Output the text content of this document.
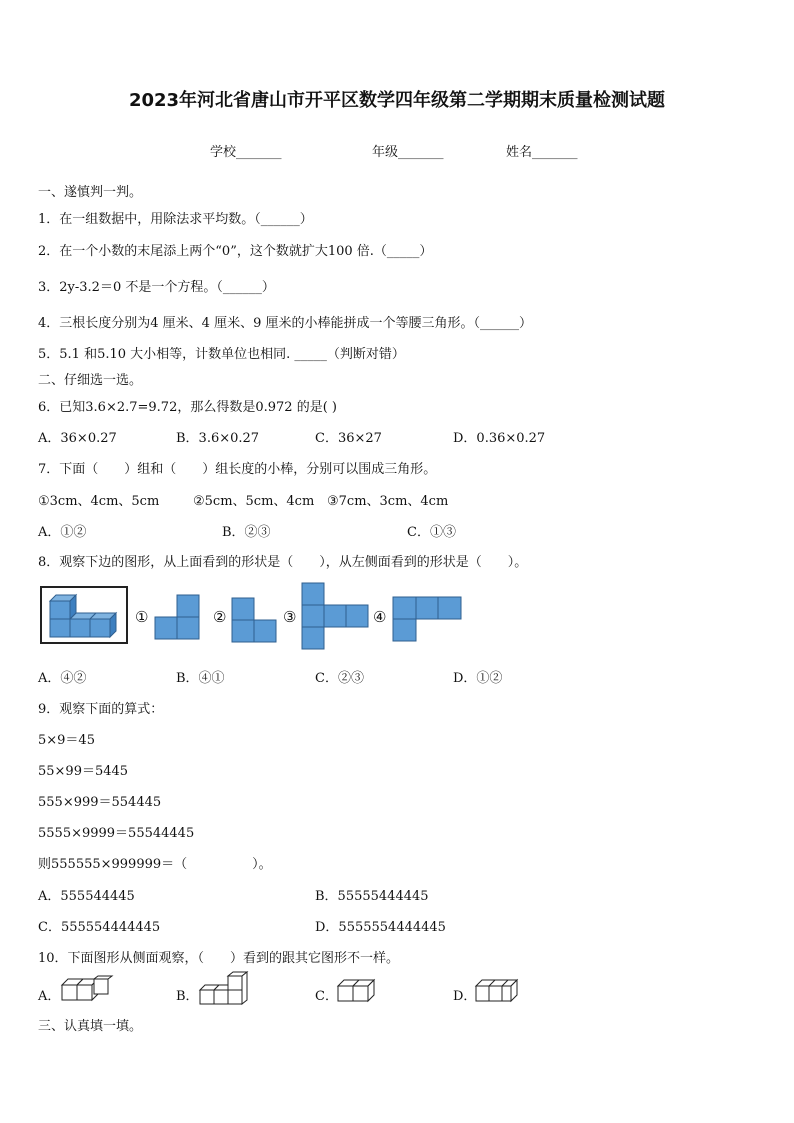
2023年河北省唐山市开平区数学四年级第二学期期末质量检测试题
学校_______	年级_______	姓名_______
一、遂慎判一判。
1．在一组数据中，用除法求平均数。（______）
2．在一个小数的末尾添上两个“0”，这个数就扩大100 倍.（_____）
3．2y-3.2＝0 不是一个方程。（______）
4．三根长度分别为4 厘米、4 厘米、9 厘米的小棒能拼成一个等腰三角形。（______）
5．5.1 和5.10 大小相等，计数单位也相同. _____（判断对错）
二、仔细选一选。
6．已知3.6×2.7=9.72，那么得数是0.972 的是( )
A．36×0.27	B．3.6×0.27	C．36×27	D．0.36×0.27
7．下面（　　）组和（　　）组长度的小棒，分别可以围成三角形。
①3cm、4cm、5cm	②5cm、5cm、4cm ③7cm、3cm、4cm
A．①②	B．②③	C．①③
8．观察下边的图形，从上面看到的形状是（　　），从左侧面看到的形状是（　　）。
①	②	③	④
A．④②	B．④①	C．②③	D．①②
9．观察下面的算式：
5×9＝45
55×99＝5445
555×999＝554445
5555×9999＝55544445
则555555×999999＝（　　　　　）。
A．555544445	B．55555444445
C．555554444445	D．5555554444445
10．下面图形从侧面观察，（　　）看到的跟其它图形不一样。
A．	B．	C．	D．
三、认真填一填。
